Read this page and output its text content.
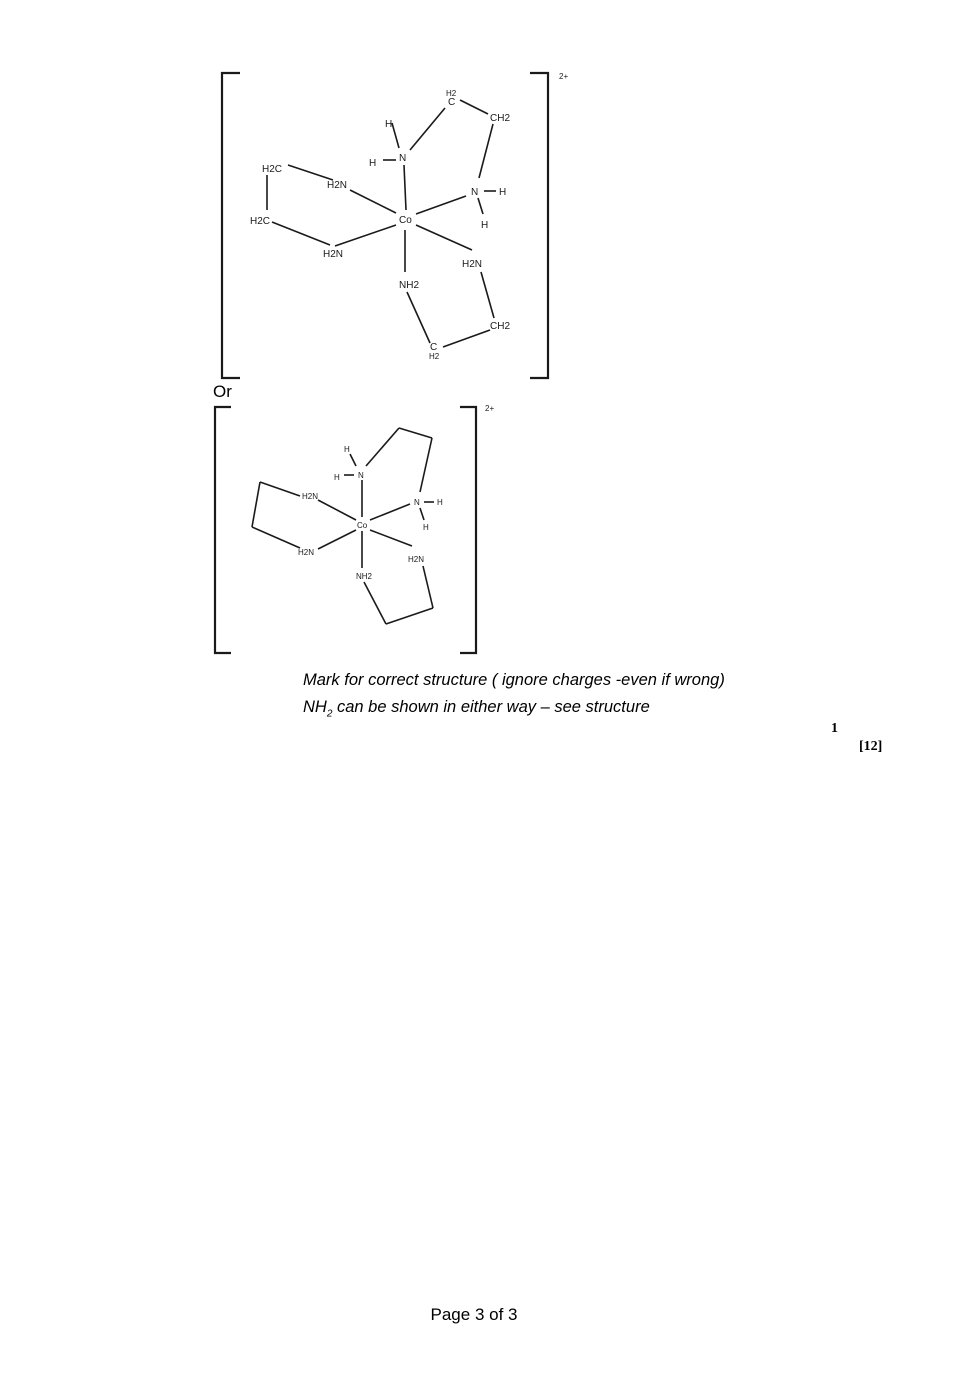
2+
H
H N
H2
C
CH2
N H
H
H2C
H2N
H2C
H2N
Co
H2N
NH2
CH2
C
H2
2+
H
H N
N H
H
H2N
H2N
Co
H2N
NH2
Or
Mark for correct structure ( ignore charges -even if wrong)
$NH_2$ can be shown in either way – see structure
1
[12]
Page 3 of 3
